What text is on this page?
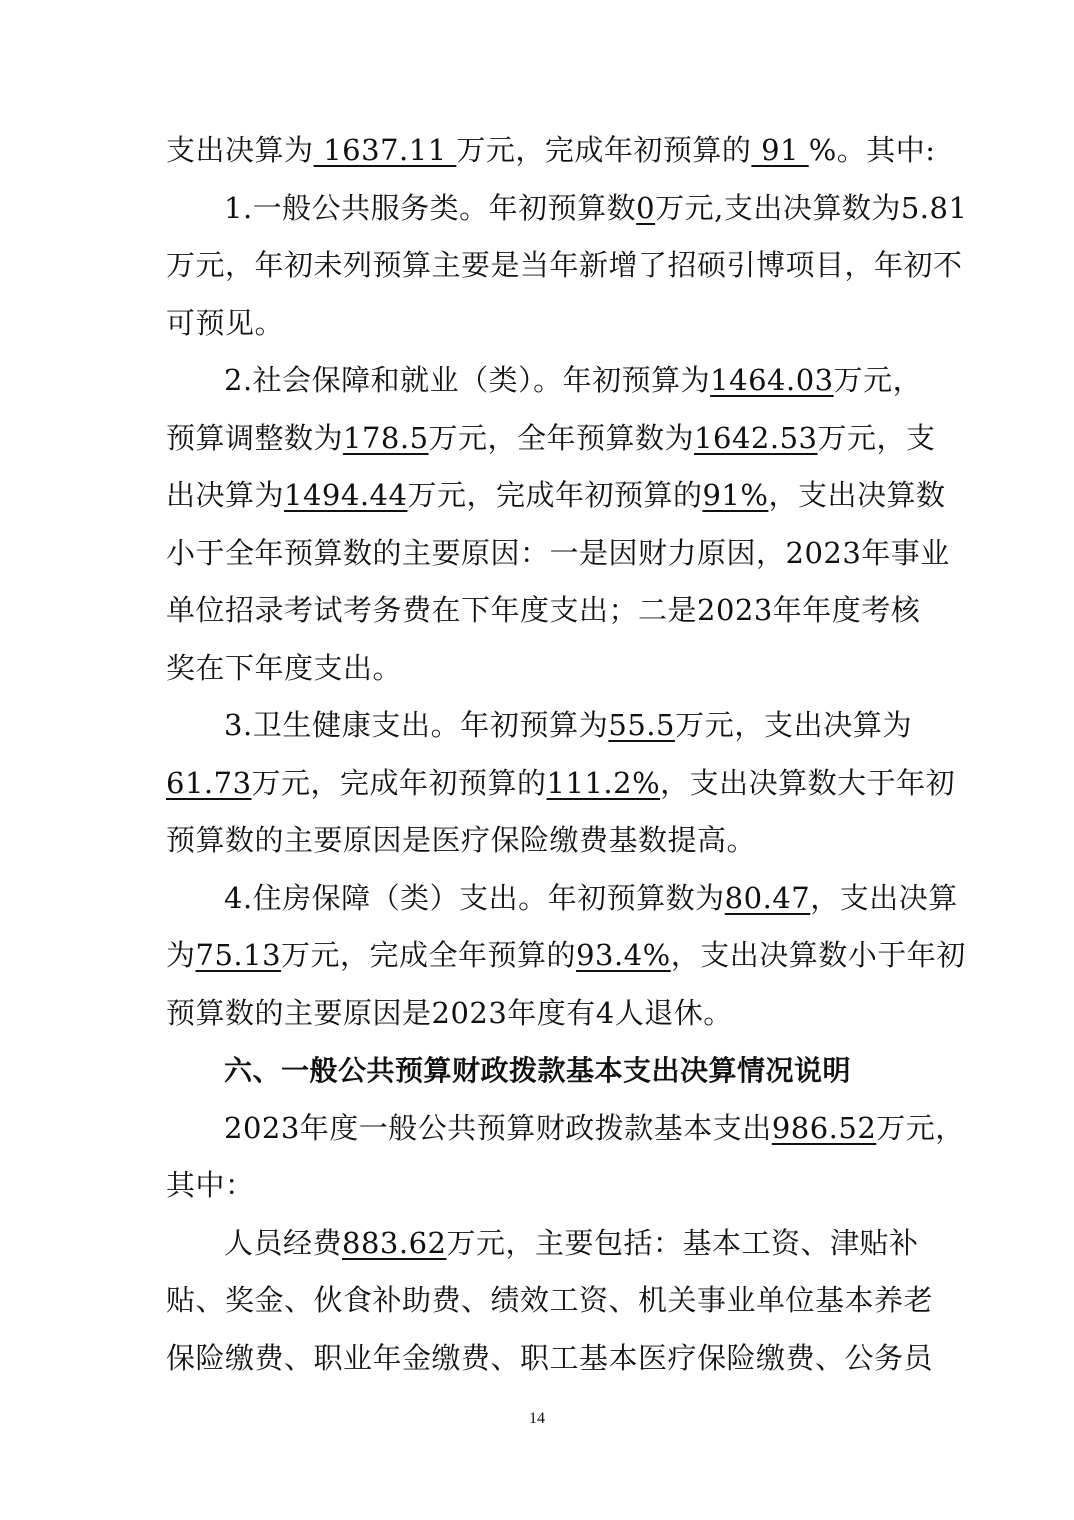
支出决算为 1637.11 万元，完成年初预算的 91 %。其中:
1.一般公共服务类。年初预算数0万元,支出决算数为5.81
万元，年初未列预算主要是当年新增了招硕引博项目，年初不
可预见。
2.社会保障和就业（类）。年初预算为1464.03万元，
预算调整数为178.5万元，全年预算数为1642.53万元，支
出决算为1494.44万元，完成年初预算的91%，支出决算数
小于全年预算数的主要原因：一是因财力原因，2023年事业
单位招录考试考务费在下年度支出；二是2023年年度考核
奖在下年度支出。
3.卫生健康支出。年初预算为55.5万元，支出决算为
61.73万元，完成年初预算的111.2%，支出决算数大于年初
预算数的主要原因是医疗保险缴费基数提高。
4.住房保障（类）支出。年初预算数为80.47，支出决算
为75.13万元，完成全年预算的93.4%，支出决算数小于年初
预算数的主要原因是2023年度有4人退休。
六、一般公共预算财政拨款基本支出决算情况说明
2023年度一般公共预算财政拨款基本支出986.52万元，
其中：
人员经费883.62万元，主要包括：基本工资、津贴补
贴、奖金、伙食补助费、绩效工资、机关事业单位基本养老
保险缴费、职业年金缴费、职工基本医疗保险缴费、公务员
14
